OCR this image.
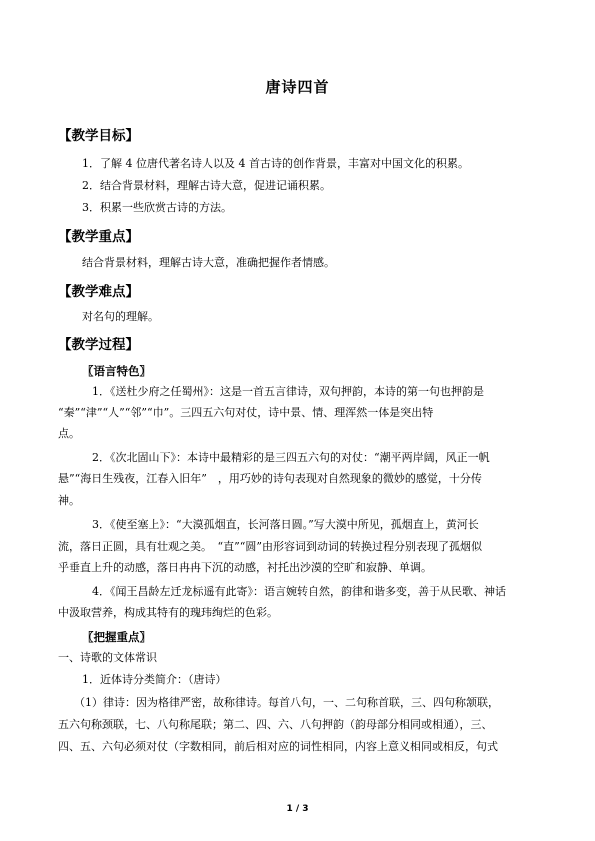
唐诗四首
【教学目标】
1．了解 4 位唐代著名诗人以及 4 首古诗的创作背景，丰富对中国文化的积累。
2．结合背景材料，理解古诗大意，促进记诵积累。
3．积累一些欣赏古诗的方法。
【教学重点】
结合背景材料，理解古诗大意，准确把握作者情感。
【教学难点】
对名句的理解。
【教学过程】
〖语言特色〗
1．《送杜少府之任蜀州》：这是一首五言律诗，双句押韵，本诗的第一句也押韵是
“秦”“津”“人”“邻”“巾”。三四五六句对仗，诗中景、情、理浑然一体是突出特
点。
2．《次北固山下》：本诗中最精彩的是三四五六句的对仗：“潮平两岸阔，风正一帆
悬”“海日生残夜，江春入旧年”　，用巧妙的诗句表现对自然现象的微妙的感觉，十分传
神。
3．《使至塞上》：“大漠孤烟直，长河落日圆。”写大漠中所见，孤烟直上，黄河长
流，落日正圆，具有壮观之美。　“直”“圆”由形容词到动词的转换过程分别表现了孤烟似
乎垂直上升的动感，落日冉冉下沉的动感，衬托出沙漠的空旷和寂静、单调。
4．《闻王昌龄左迁龙标遥有此寄》：语言婉转自然，韵律和谐多变，善于从民歌、神话
中汲取营养，构成其特有的瑰玮绚烂的色彩。
〖把握重点〗
一、诗歌的文体常识
1．近体诗分类简介：（唐诗）
（1）律诗：因为格律严密，故称律诗。每首八句，一、二句称首联，三、四句称颔联，
五六句称颈联，七、八句称尾联；第二、四、六、八句押韵（韵母部分相同或相通），三、
四、五、六句必须对仗（字数相同，前后相对应的词性相同，内容上意义相同或相反，句式
1 / 3
